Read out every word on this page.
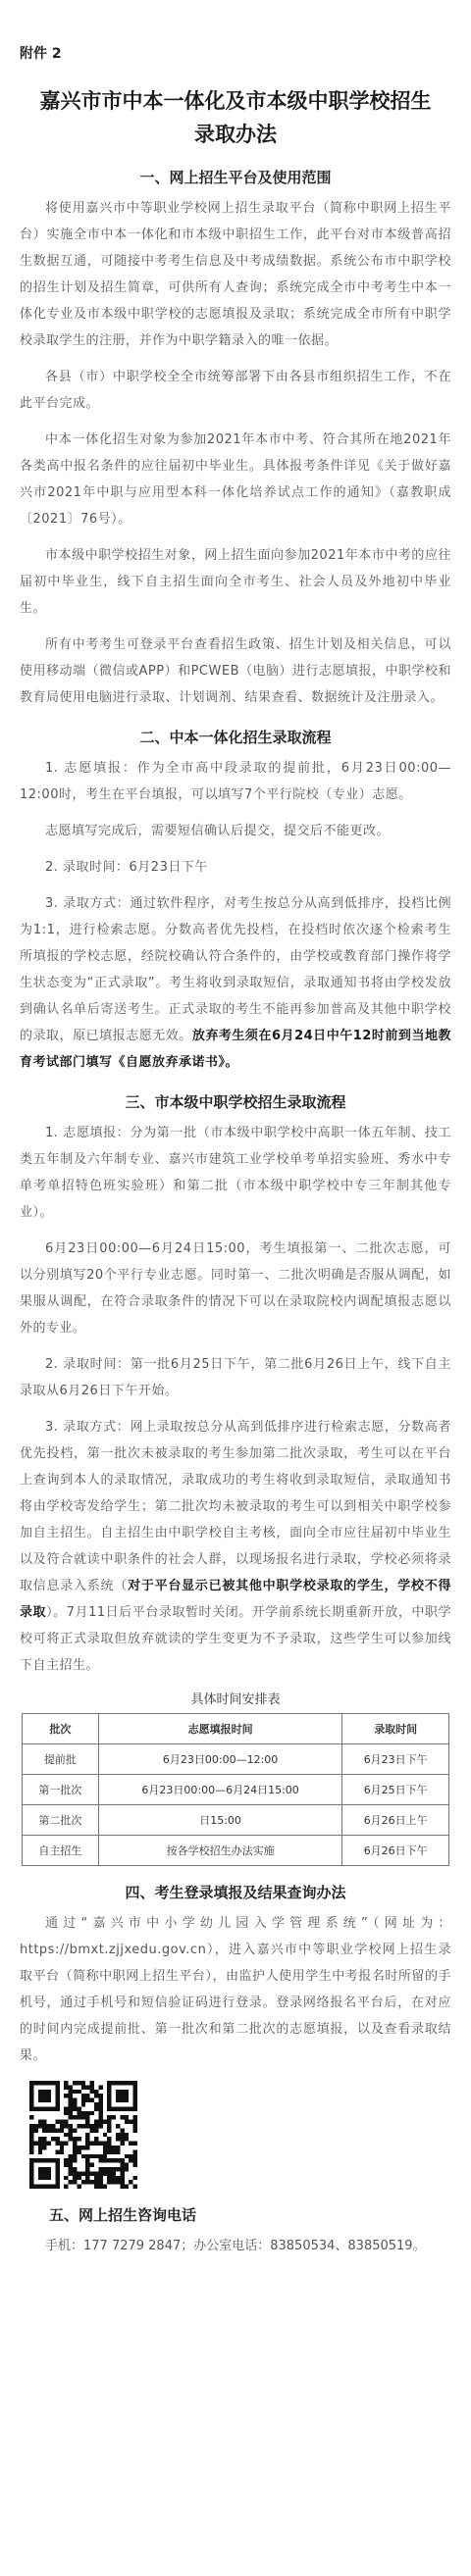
附件 2
嘉兴市市中本一体化及市本级中职学校招生
录取办法
一、网上招生平台及使用范围

将使用嘉兴市中等职业学校网上招生录取平台（简称中职网上招生平台）实施全市中本一体化和市本级中职招生工作，此平台对市本级普高招生数据互通，可随接中考考生信息及中考成绩数据。系统公布市中职学校的招生计划及招生简章，可供所有人查询；系统完成全市中考考生中本一体化专业及市本级中职学校的志愿填报及录取；系统完成全市所有中职学校录取学生的注册，并作为中职学籍录入的唯一依据。

各县（市）中职学校全全市统筹部署下由各县市组织招生工作，不在此平台完成。

中本一体化招生对象为参加2021年本市中考、符合其所在地2021年各类高中报名条件的应往届初中毕业生。具体报考条件详见《关于做好嘉兴市2021年中职与应用型本科一体化培养试点工作的通知》（嘉教职成〔2021〕76号）。

市本级中职学校招生对象，网上招生面向参加2021年本市中考的应往届初中毕业生，线下自主招生面向全市考生、社会人员及外地初中毕业生。

所有中考考生可登录平台查看招生政策、招生计划及相关信息，可以使用移动端（微信或APP）和PCWEB（电脑）进行志愿填报，中职学校和教育局使用电脑进行录取、计划调剂、结果查看、数据统计及注册录入。

二、中本一体化招生录取流程

1. 志愿填报：作为全市高中段录取的提前批，6月23日00:00—12:00时，考生在平台填报，可以填写7个平行院校（专业）志愿。

志愿填写完成后，需要短信确认后提交，提交后不能更改。

2. 录取时间：6月23日下午

3. 录取方式：通过软件程序，对考生按总分从高到低排序，投档比例为1:1，进行检索志愿。分数高者优先投档，在投档时依次逐个检索考生所填报的学校志愿，经院校确认符合条件的，由学校或教育部门操作将学生状态变为“正式录取”。考生将收到录取短信，录取通知书将由学校发放到确认名单后寄送考生。正式录取的考生不能再参加普高及其他中职学校的录取，原已填报志愿无效。放弃考生须在6月24日中午12时前到当地教育考试部门填写《自愿放弃承诺书》。

三、市本级中职学校招生录取流程

1. 志愿填报：分为第一批（市本级中职学校中高职一体五年制、技工类五年制及六年制专业、嘉兴市建筑工业学校单考单招实验班、秀水中专单考单招特色班实验班）和第二批（市本级中职学校中专三年制其他专业）。

6月23日00:00—6月24日15:00，考生填报第一、二批次志愿，可以分别填写20个平行专业志愿。同时第一、二批次明确是否服从调配，如果服从调配，在符合录取条件的情况下可以在录取院校内调配填报志愿以外的专业。

2. 录取时间：第一批6月25日下午，第二批6月26日上午，线下自主录取从6月26日下午开始。

3. 录取方式：网上录取按总分从高到低排序进行检索志愿，分数高者优先投档，第一批次未被录取的考生参加第二批次录取，考生可以在平台上查询到本人的录取情况，录取成功的考生将收到录取短信，录取通知书将由学校寄发给学生；第二批次均未被录取的考生可以到相关中职学校参加自主招生。自主招生由中职学校自主考核，面向全市应往届初中毕业生以及符合就读中职条件的社会人群，以现场报名进行录取，学校必须将录取信息录入系统（对于平台显示已被其他中职学校录取的学生，学校不得录取）。7月11日后平台录取暂时关闭。开学前系统长期重新开放，中职学校可将正式录取但放弃就读的学生变更为不予录取，这些学生可以参加线下自主招生。

具体时间安排表
批次	志愿填报时间	录取时间
提前批	6月23日00:00—12:00	6月23日下午
第一批次	6月23日00:00—6月24日15:00	6月25日下午
第二批次	日15:00	6月26日上午
自主招生	按各学校招生办法实施	6月26日下午
四、考生登录填报及结果查询办法

通过“嘉兴市中小学幼儿园入学管理系统”（网址为：https://bmxt.zjjxedu.gov.cn），进入嘉兴市中等职业学校网上招生录取平台（简称中职网上招生平台），由监护人使用学生中考报名时所留的手机号，通过手机号和短信验证码进行登录。登录网络报名平台后，在对应的时间内完成提前批、第一批次和第二批次的志愿填报，以及查看录取结果。

五、网上招生咨询电话
手机：177 7279 2847；办公室电话：83850534、83850519。
